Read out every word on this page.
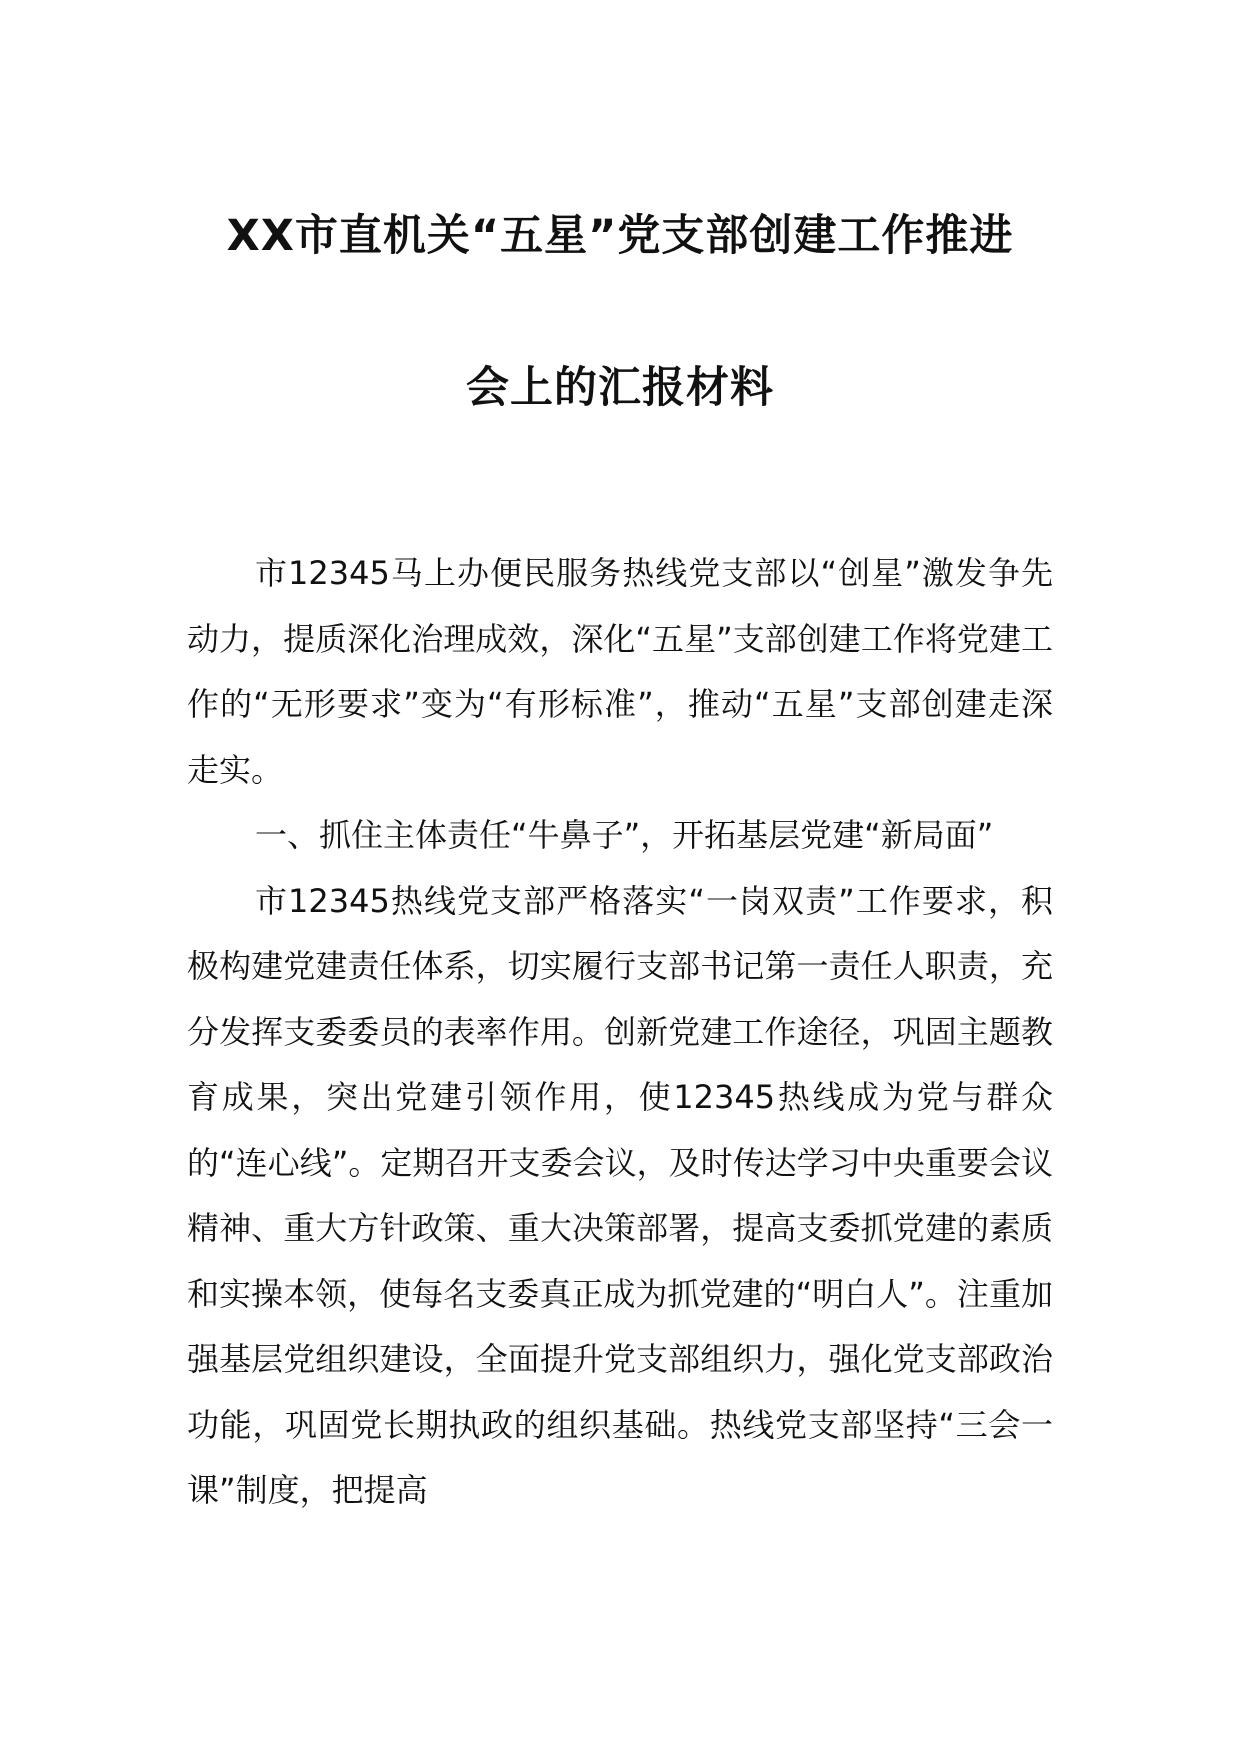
XX市直机关“五星”党支部创建工作推进
会上的汇报材料

市12345马上办便民服务热线党支部以“创星”激发争先动力，提质深化治理成效，深化“五星”支部创建工作将党建工作的“无形要求”变为“有形标准”，推动“五星”支部创建走深走实。

一、抓住主体责任“牛鼻子”，开拓基层党建“新局面”

市12345热线党支部严格落实“一岗双责”工作要求，积极构建党建责任体系，切实履行支部书记第一责任人职责，充分发挥支委委员的表率作用。创新党建工作途径，巩固主题教育成果，突出党建引领作用，使12345热线成为党与群众的“连心线”。定期召开支委会议，及时传达学习中央重要会议精神、重大方针政策、重大决策部署，提高支委抓党建的素质和实操本领，使每名支委真正成为抓党建的“明白人”。注重加强基层党组织建设，全面提升党支部组织力，强化党支部政治功能，巩固党长期执政的组织基础。热线党支部坚持“三会一课”制度，把提高
